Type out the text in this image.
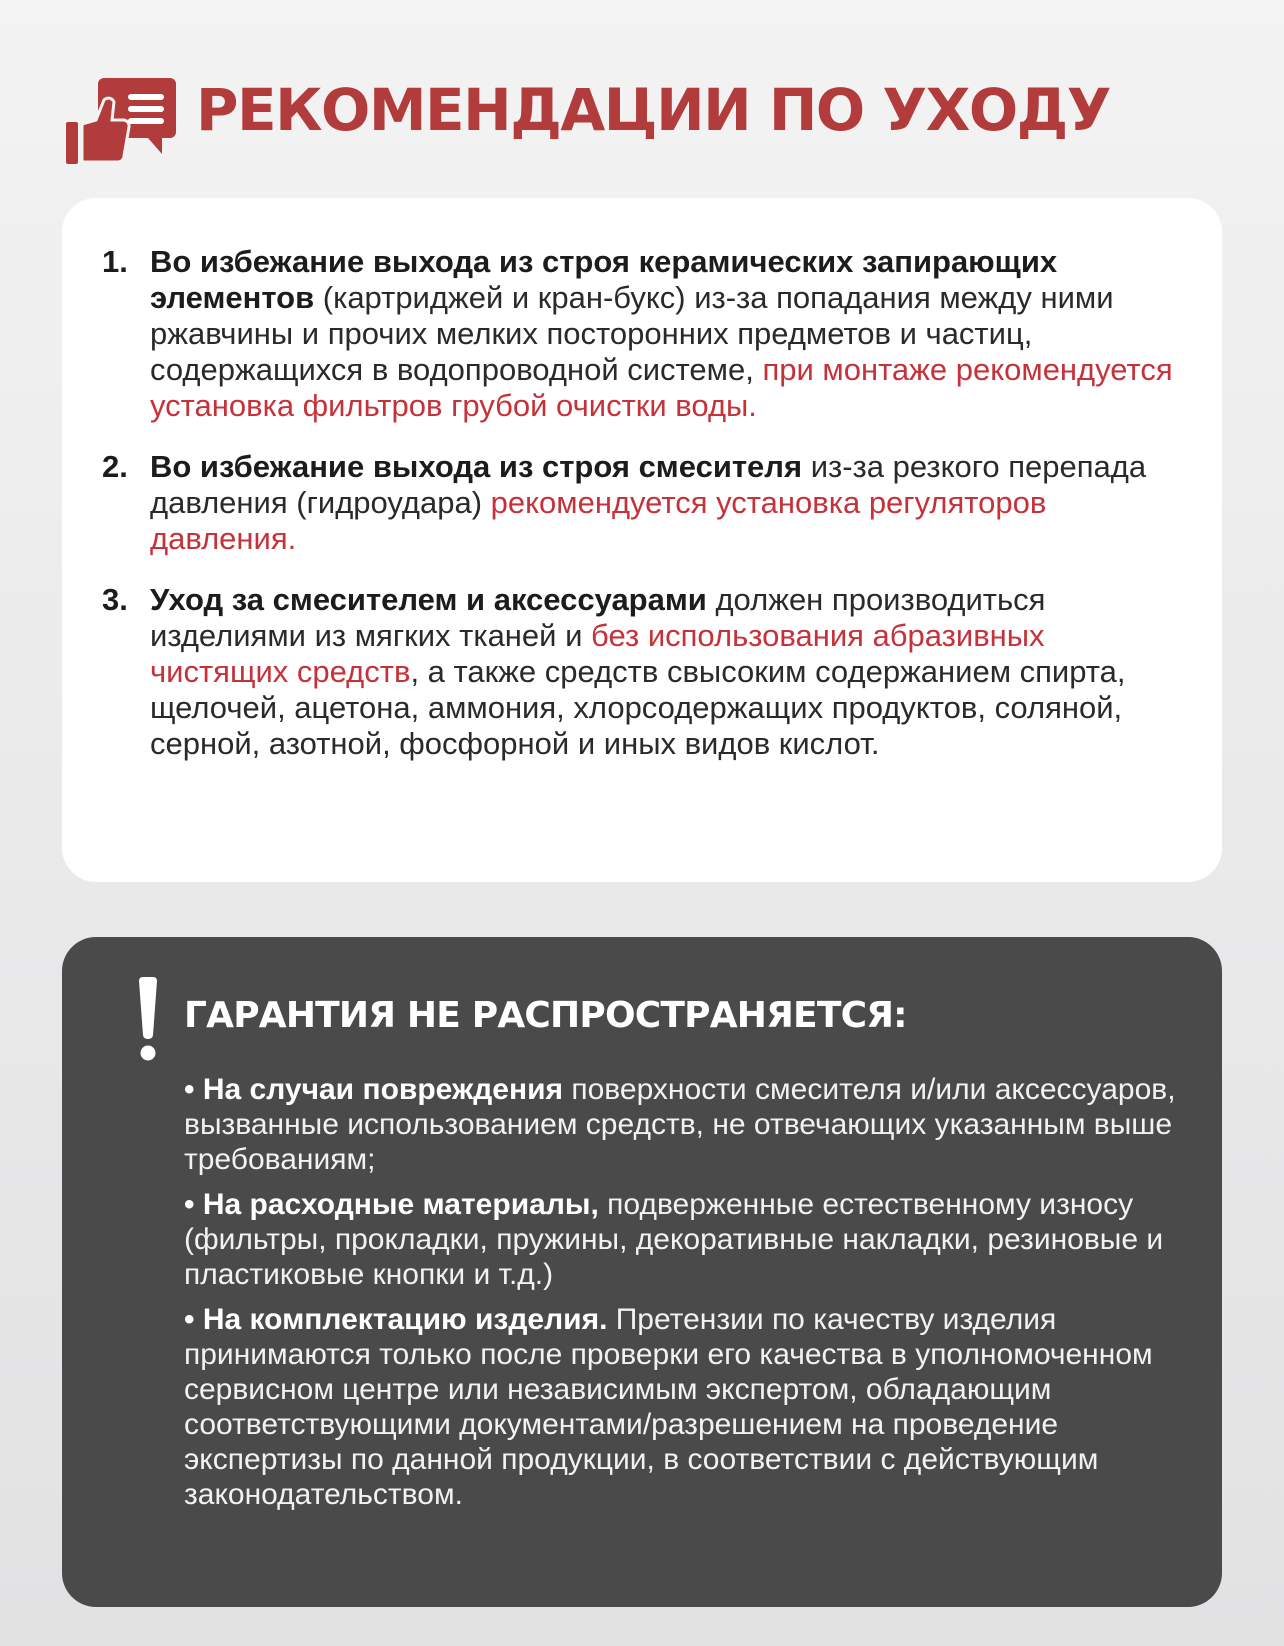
РЕКОМЕНДАЦИИ ПО УХОДУ
1. Во избежание выхода из строя керамических запирающих элементов (картриджей и кран-букс) из-за попадания между ними ржавчины и прочих мелких посторонних предметов и частиц, содержащихся в водопроводной системе, при монтаже рекомендуется установка фильтров грубой очистки воды.
2. Во избежание выхода из строя смесителя из-за резкого перепада давления (гидроудара) рекомендуется установка регуляторов давления.
3. Уход за смесителем и аксессуарами должен производиться изделиями из мягких тканей и без использования абразивных чистящих средств, а также средств свысоким содержанием спирта, щелочей, ацетона, аммония, хлорсодержащих продуктов, соляной, серной, азотной, фосфорной и иных видов кислот.
ГАРАНТИЯ НЕ РАСПРОСТРАНЯЕТСЯ:
• На случаи повреждения поверхности смесителя и/или аксессуаров, вызванные использованием средств, не отвечающих указанным выше требованиям;
• На расходные материалы, подверженные естественному износу (фильтры, прокладки, пружины, декоративные накладки, резиновые и пластиковые кнопки и т.д.)
• На комплектацию изделия. Претензии по качеству изделия принимаются только после проверки его качества в уполномоченном сервисном центре или независимым экспертом, обладающим соответствующими документами/разрешением на проведение экспертизы по данной продукции, в соответствии с действующим законодательством.
